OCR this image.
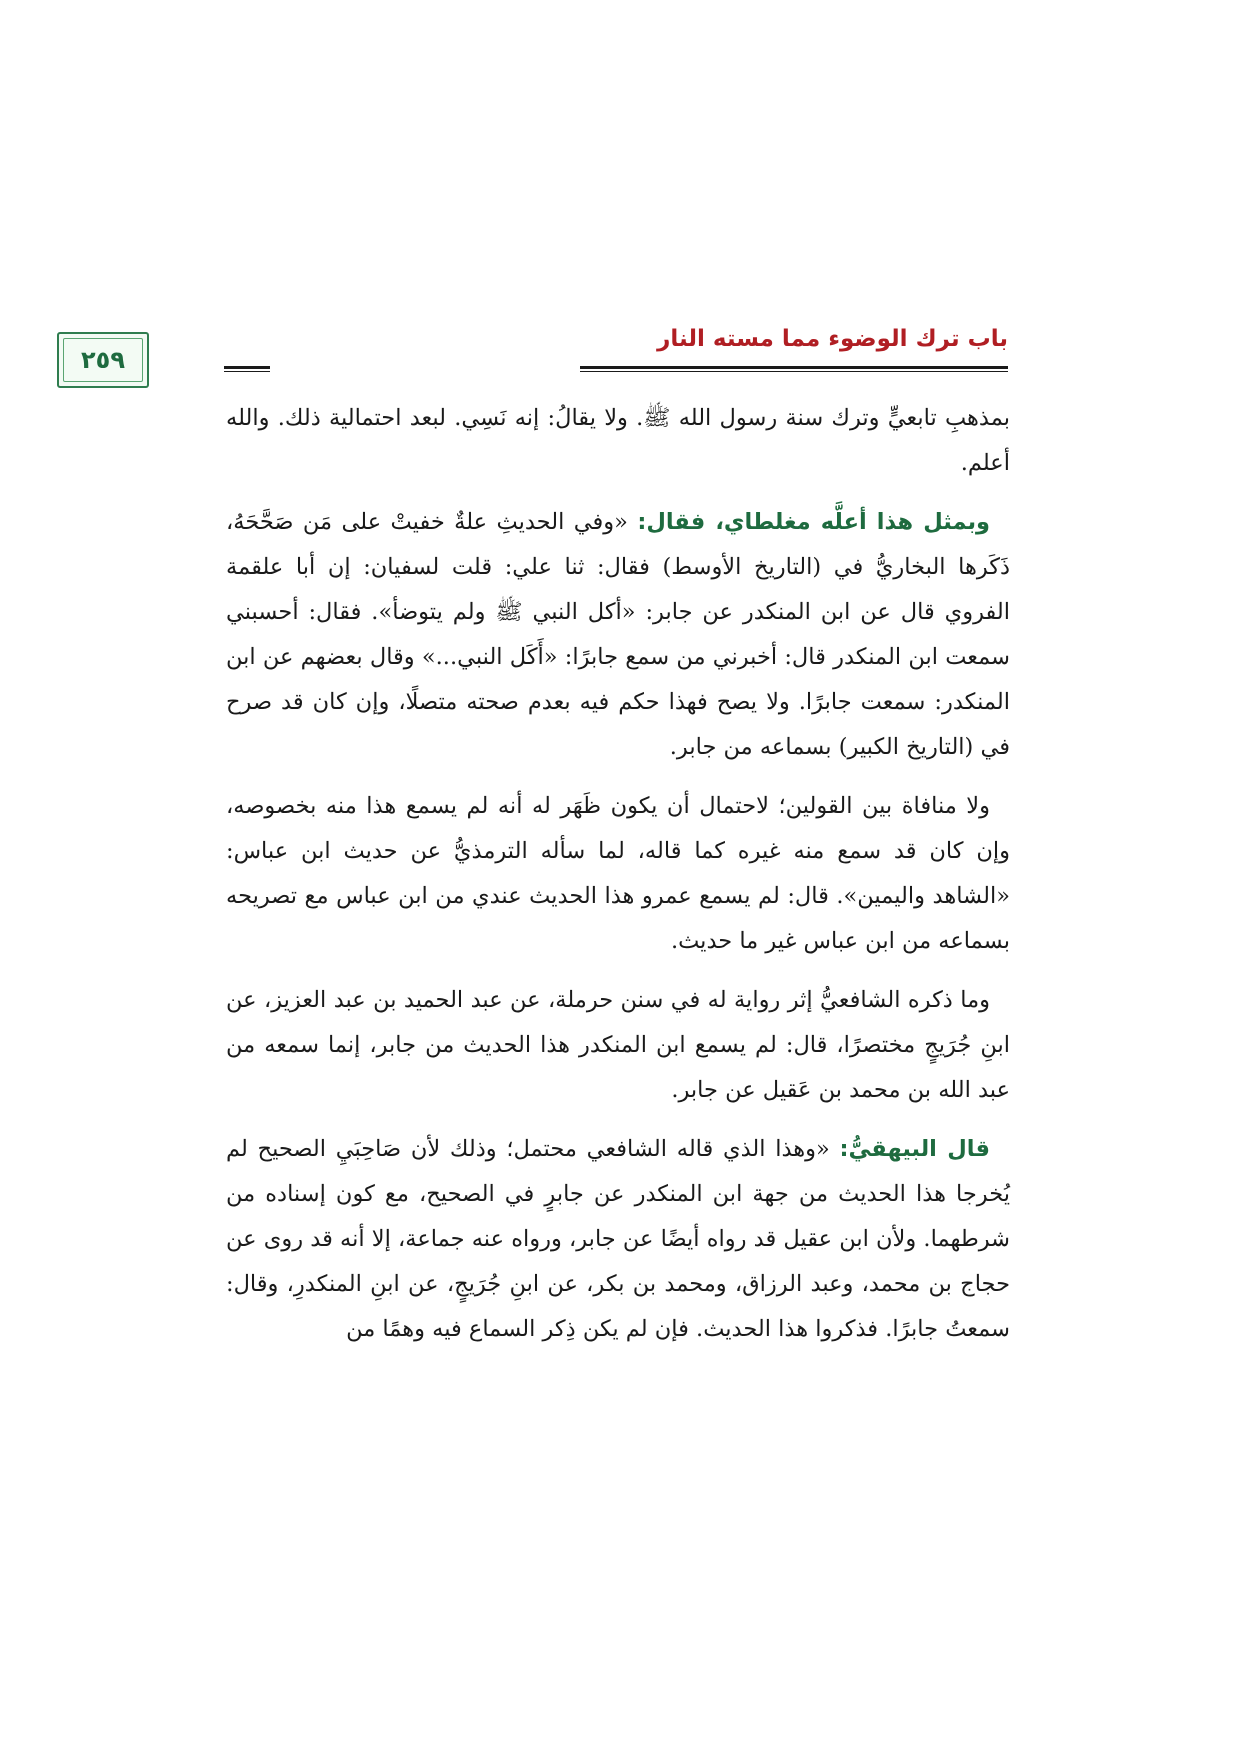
باب ترك الوضوء مما مسته النار
٢٥٩

بمذهبِ تابعيٍّ وترك سنة رسول الله ﷺ. ولا يقالُ: إنه نَسِي. لبعد احتمالية ذلك. والله أعلم.

وبمثل هذا أعلَّه مغلطاي، فقال: «وفي الحديثِ علةٌ خفيتْ على مَن صَحَّحَهُ، ذَكَرها البخاريُّ في (التاريخ الأوسط) فقال: ثنا علي: قلت لسفيان: إن أبا علقمة الفروي قال عن ابن المنكدر عن جابر: «أكل النبي ﷺ ولم يتوضأ». فقال: أحسبني سمعت ابن المنكدر قال: أخبرني من سمع جابرًا: «أَكَل النبي...» وقال بعضهم عن ابن المنكدر: سمعت جابرًا. ولا يصح فهذا حكم فيه بعدم صحته متصلًا، وإن كان قد صرح في (التاريخ الكبير) بسماعه من جابر.

ولا منافاة بين القولين؛ لاحتمال أن يكون ظَهَر له أنه لم يسمع هذا منه بخصوصه، وإن كان قد سمع منه غيره كما قاله، لما سأله الترمذيُّ عن حديث ابن عباس: «الشاهد واليمين». قال: لم يسمع عمرو هذا الحديث عندي من ابن عباس مع تصريحه بسماعه من ابن عباس غير ما حديث.

وما ذكره الشافعيُّ إثر رواية له في سنن حرملة، عن عبد الحميد بن عبد العزيز، عن ابنِ جُرَيجٍ مختصرًا، قال: لم يسمع ابن المنكدر هذا الحديث من جابر، إنما سمعه من عبد الله بن محمد بن عَقيل عن جابر.

قال البيهقيُّ: «وهذا الذي قاله الشافعي محتمل؛ وذلك لأن صَاحِبَيِ الصحيح لم يُخرجا هذا الحديث من جهة ابن المنكدر عن جابرٍ في الصحيح، مع كون إسناده من شرطهما. ولأن ابن عقيل قد رواه أيضًا عن جابر، ورواه عنه جماعة، إلا أنه قد روى عن حجاج بن محمد، وعبد الرزاق، ومحمد بن بكر، عن ابنِ جُرَيجٍ، عن ابنِ المنكدرِ، وقال: سمعتُ جابرًا. فذكروا هذا الحديث. فإن لم يكن ذِكر السماع فيه وهمًا من
